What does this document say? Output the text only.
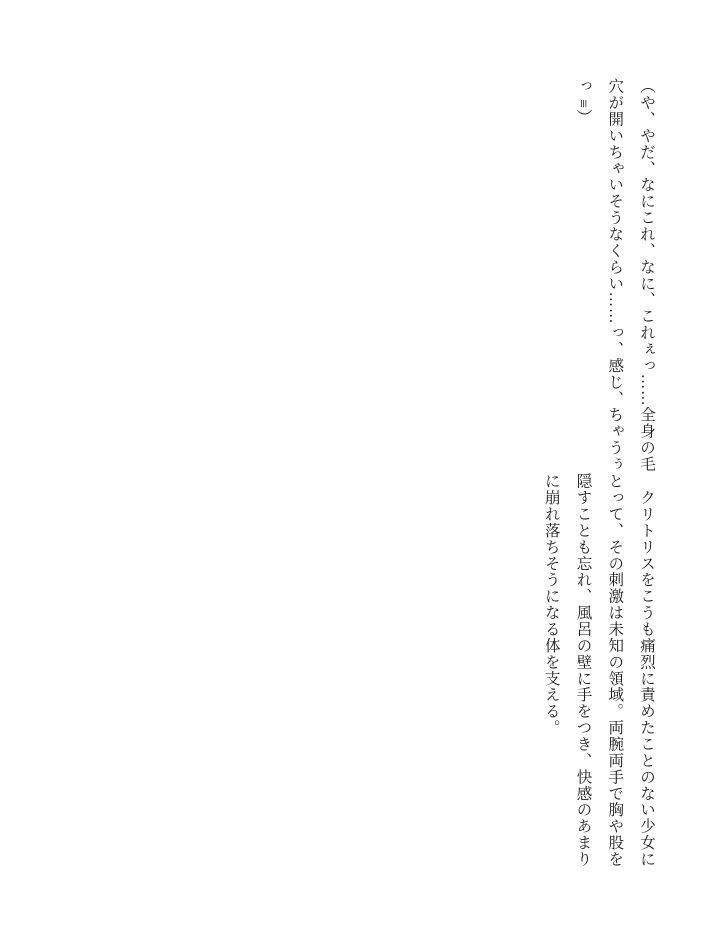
（や、やだ、なにこれ、なに、これぇっ……全身の毛穴が開いちゃいそうなくらい……っ、感じ、ちゃうぅっ ≡）

　クリトリスをこうも痛烈に責めたことのない少女にとって、その刺激は未知の領域。両腕両手で胸や股を隠すことも忘れ、風呂の壁に手をつき、快感のあまりに崩れ落ちそうになる体を支える。
